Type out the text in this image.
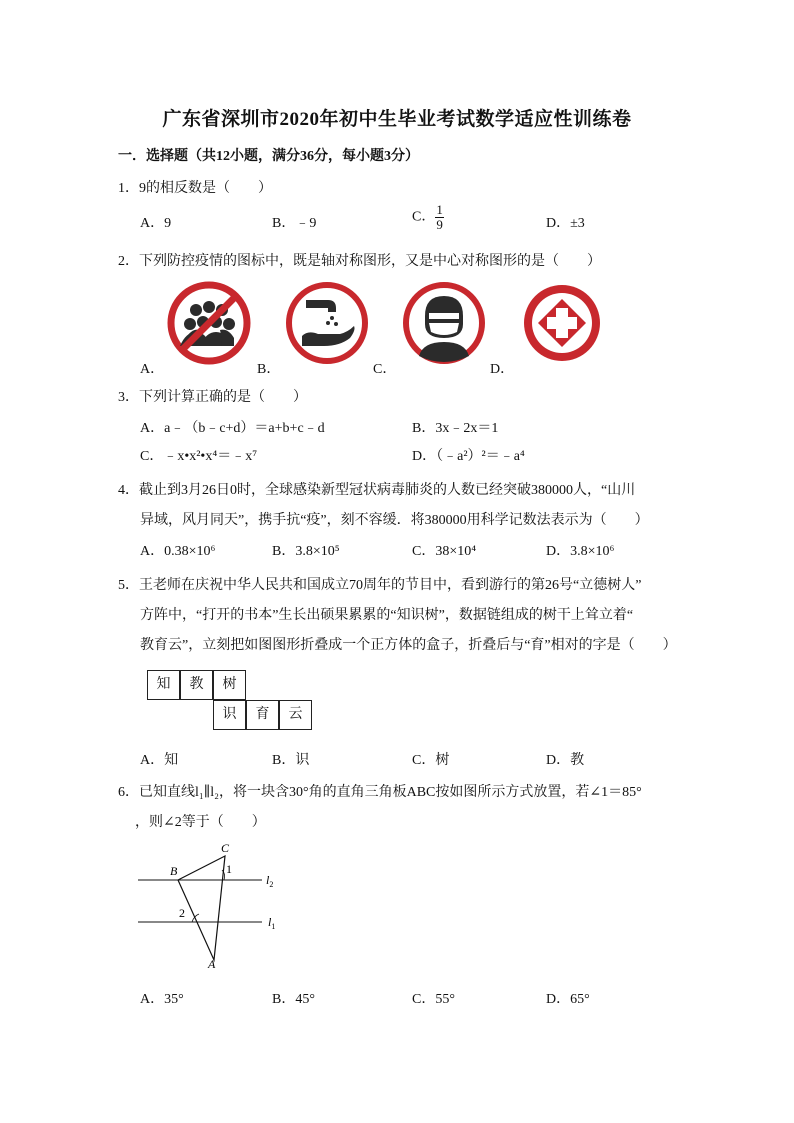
广东省深圳市2020年初中生毕业考试数学适应性训练卷
一．选择题（共12小题，满分36分，每小题3分）
1．9的相反数是（　　）
A．9	B．﹣9	C． $\frac{1}{9}$	D．±3
2．下列防控疫情的图标中，既是轴对称图形，又是中心对称图形的是（　　）
A．	B．	C．	D．
3．下列计算正确的是（　　）
A．a﹣（b﹣c+d）＝a+b+c﹣d	B．3x﹣2x＝1
C．﹣x•x²•x⁴＝﹣x⁷	D．（﹣a²）²＝﹣a⁴
4．截止到3月26日0时，全球感染新型冠状病毒肺炎的人数已经突破380000人，“山川
异域，风月同天”，携手抗“疫”，刻不容缓．将380000用科学记数法表示为（　　）
A．0.38×10⁶	B．3.8×10⁵	C．38×10⁴	D．3.8×10⁶
5．王老师在庆祝中华人民共和国成立70周年的节目中，看到游行的第26号“立德树人”
方阵中，“打开的书本”生长出硕果累累的“知识树”，数据链组成的树干上耸立着“
教育云”，立刻把如图图形折叠成一个正方体的盒子，折叠后与“育”相对的字是（　　）
知	教	树
识	育	云
A．知	B．识	C．树	D．教
6．已知直线l₁∥l₂，将一块含30°角的直角三角板ABC按如图所示方式放置，若∠1＝85°
，则∠2等于（　　）
C
B
A
1
2
$l_2$
$l_1$
A．35°	B．45°	C．55°	D．65°
